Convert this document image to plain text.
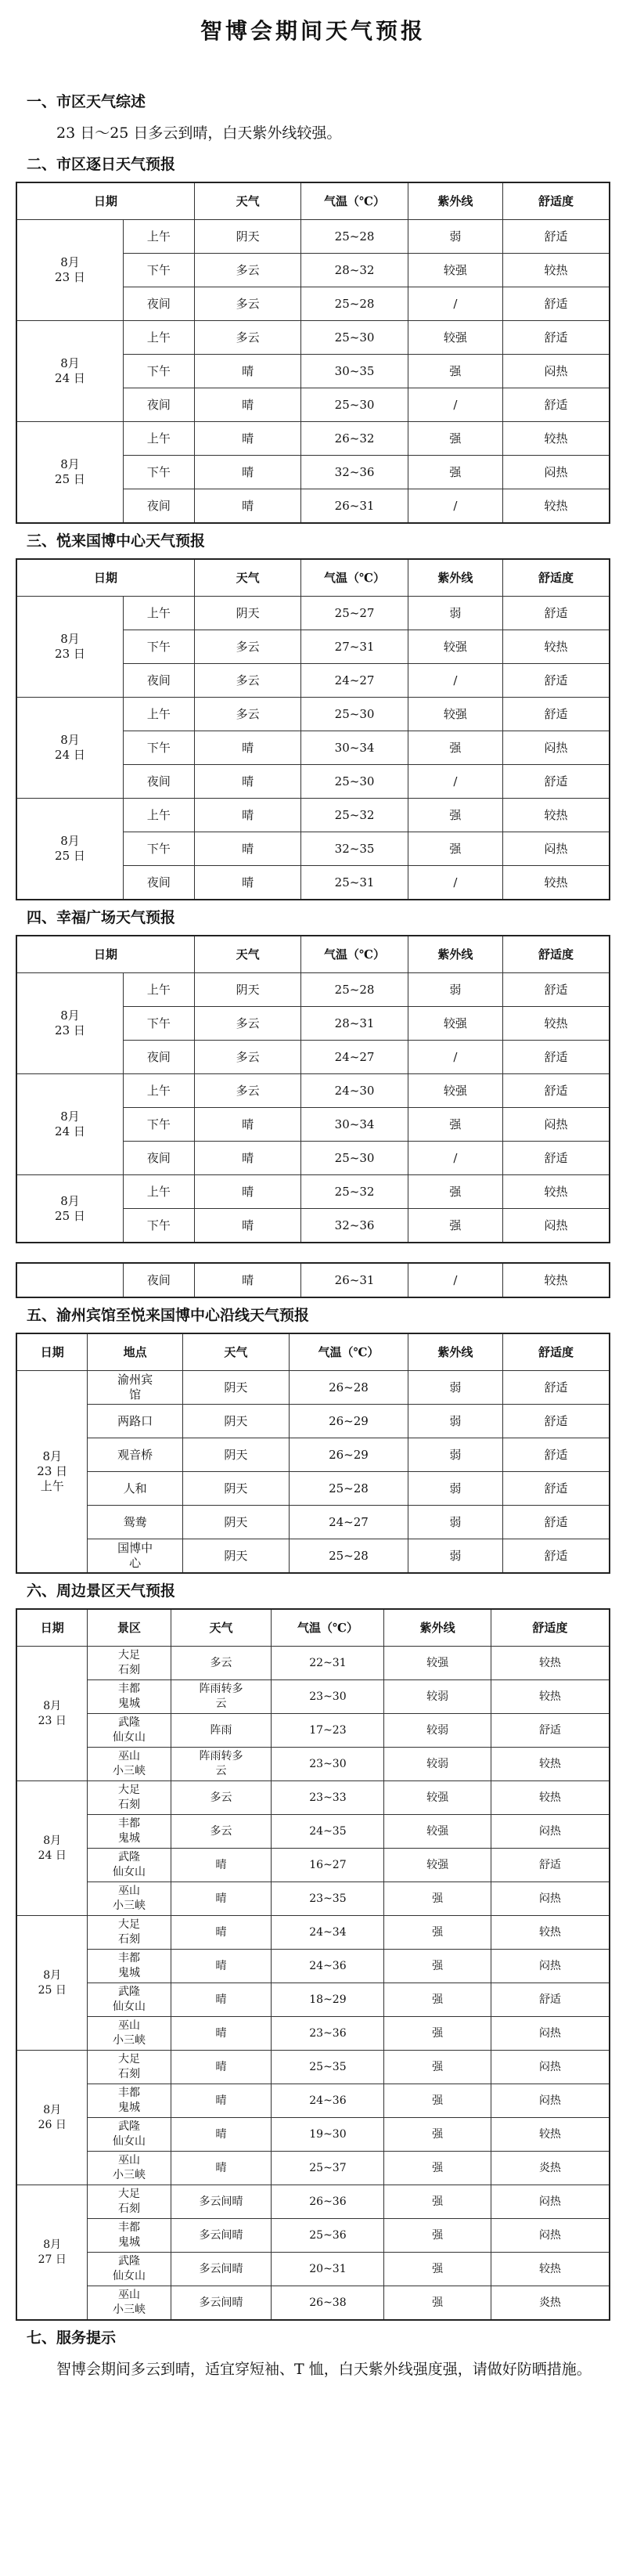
智博会期间天气预报
一、市区天气综述
23 日～25 日多云到晴，白天紫外线较强。
二、市区逐日天气预报
日期		天气	气温（℃）	紫外线	舒适度
8月
23 日	上午	阴天	25~28	弱	舒适
	下午	多云	28~32	较强	较热
	夜间	多云	25~28	/	舒适
8月
24 日	上午	多云	25~30	较强	舒适
	下午	晴	30~35	强	闷热
	夜间	晴	25~30	/	舒适
8月
25 日	上午	晴	26~32	强	较热
	下午	晴	32~36	强	闷热
	夜间	晴	26~31	/	较热
三、悦来国博中心天气预报
日期		天气	气温（℃）	紫外线	舒适度
8月
23 日	上午	阴天	25~27	弱	舒适
	下午	多云	27~31	较强	较热
	夜间	多云	24~27	/	舒适
8月
24 日	上午	多云	25~30	较强	舒适
	下午	晴	30~34	强	闷热
	夜间	晴	25~30	/	舒适
8月
25 日	上午	晴	25~32	强	较热
	下午	晴	32~35	强	闷热
	夜间	晴	25~31	/	较热
四、幸福广场天气预报
日期		天气	气温（℃）	紫外线	舒适度
8月
23 日	上午	阴天	25~28	弱	舒适
	下午	多云	28~31	较强	较热
	夜间	多云	24~27	/	舒适
8月
24 日	上午	多云	24~30	较强	舒适
	下午	晴	30~34	强	闷热
	夜间	晴	25~30	/	舒适
8月
25 日	上午	晴	25~32	强	较热
	下午	晴	32~36	强	闷热
	夜间	晴	26~31	/	较热
五、渝州宾馆至悦来国博中心沿线天气预报
日期	地点	天气	气温（℃）	紫外线	舒适度
8月
23 日
上午	渝州宾
馆	阴天	26~28	弱	舒适
	两路口	阴天	26~29	弱	舒适
	观音桥	阴天	26~29	弱	舒适
	人和	阴天	25~28	弱	舒适
	鸳鸯	阴天	24~27	弱	舒适
	国博中
心	阴天	25~28	弱	舒适
六、周边景区天气预报
日期	景区	天气	气温（℃）	紫外线	舒适度
8月
23 日	大足
石刻	多云	22~31	较强	较热
	丰都
鬼城	阵雨转多
云	23~30	较弱	较热
	武隆
仙女山	阵雨	17~23	较弱	舒适
	巫山
小三峡	阵雨转多
云	23~30	较弱	较热
8月
24 日	大足
石刻	多云	23~33	较强	较热
	丰都
鬼城	多云	24~35	较强	闷热
	武隆
仙女山	晴	16~27	较强	舒适
	巫山
小三峡	晴	23~35	强	闷热
8月
25 日	大足
石刻	晴	24~34	强	较热
	丰都
鬼城	晴	24~36	强	闷热
	武隆
仙女山	晴	18~29	强	舒适
	巫山
小三峡	晴	23~36	强	闷热
8月
26 日	大足
石刻	晴	25~35	强	闷热
	丰都
鬼城	晴	24~36	强	闷热
	武隆
仙女山	晴	19~30	强	较热
	巫山
小三峡	晴	25~37	强	炎热
8月
27 日	大足
石刻	多云间晴	26~36	强	闷热
	丰都
鬼城	多云间晴	25~36	强	闷热
	武隆
仙女山	多云间晴	20~31	强	较热
	巫山
小三峡	多云间晴	26~38	强	炎热
七、服务提示
智博会期间多云到晴，适宜穿短袖、T 恤，白天紫外线强度强，请做好防晒措施。
